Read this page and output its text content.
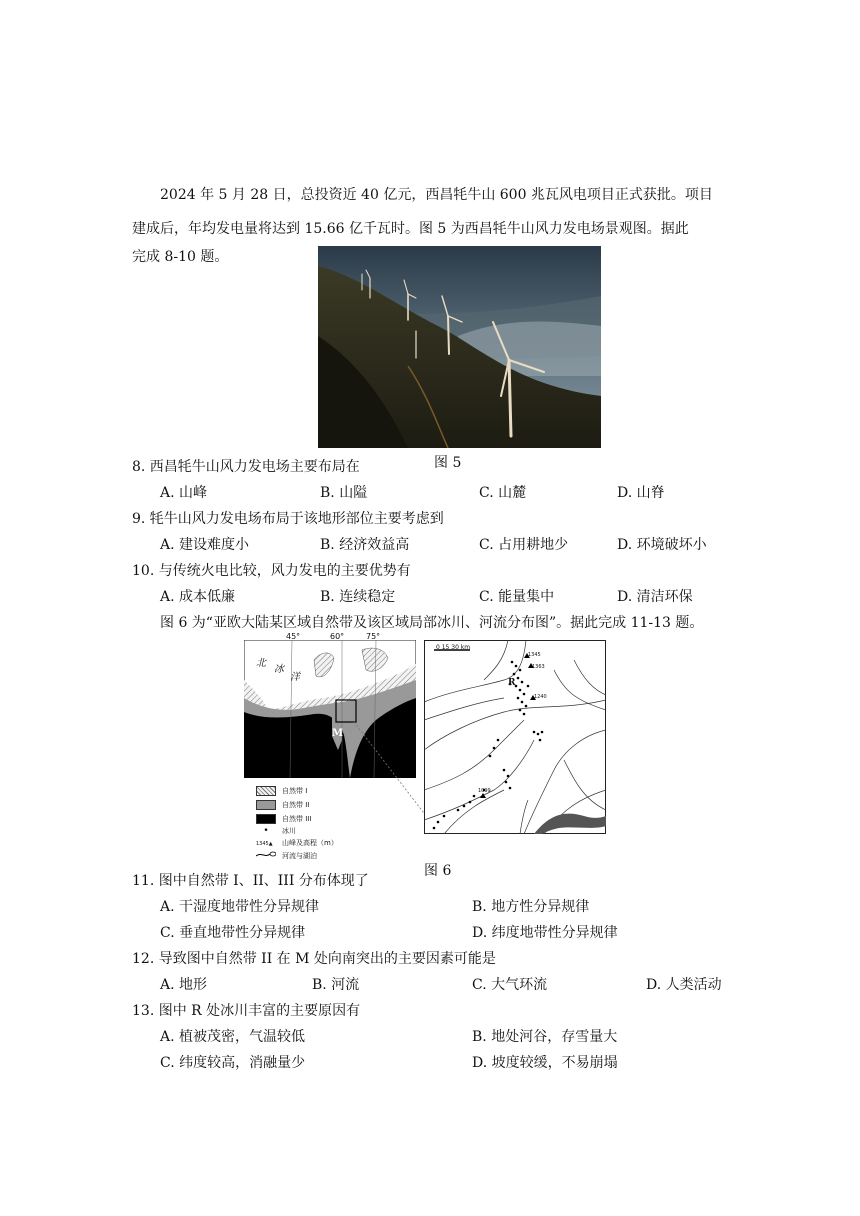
2024 年 5 月 28 日，总投资近 40 亿元，西昌牦牛山 600 兆瓦风电项目正式获批。项目
建成后，年均发电量将达到 15.66 亿千瓦时。图 5 为西昌牦牛山风力发电场景观图。据此
完成 8-10 题。
图 5
8. 西昌牦牛山风力发电场主要布局在
A. 山峰	B. 山隘	C. 山麓	D. 山脊
9. 牦牛山风力发电场布局于该地形部位主要考虑到
A. 建设难度小	B. 经济效益高	C. 占用耕地少	D. 环境破坏小
10. 与传统火电比较，风力发电的主要优势有
A. 成本低廉	B. 连续稳定	C. 能量集中	D. 清洁环保
图 6 为“亚欧大陆某区域自然带及该区域局部冰川、河流分布图”。据此完成 11-13 题。
45°	60°	75°
北
冰
洋
M
自然带 I
自然带 II
自然带 III
• 冰川
1345▲ 山峰及高程（m）
河流与湖泊
0 15 30 km
1345
1363
1240
1099
R
图 6
11. 图中自然带 I、II、III 分布体现了
A. 干湿度地带性分异规律	B. 地方性分异规律
C. 垂直地带性分异规律	D. 纬度地带性分异规律
12. 导致图中自然带 II 在 M 处向南突出的主要因素可能是
A. 地形	B. 河流	C. 大气环流	D. 人类活动
13. 图中 R 处冰川丰富的主要原因有
A. 植被茂密，气温较低	B. 地处河谷，存雪量大
C. 纬度较高，消融量少	D. 坡度较缓，不易崩塌
